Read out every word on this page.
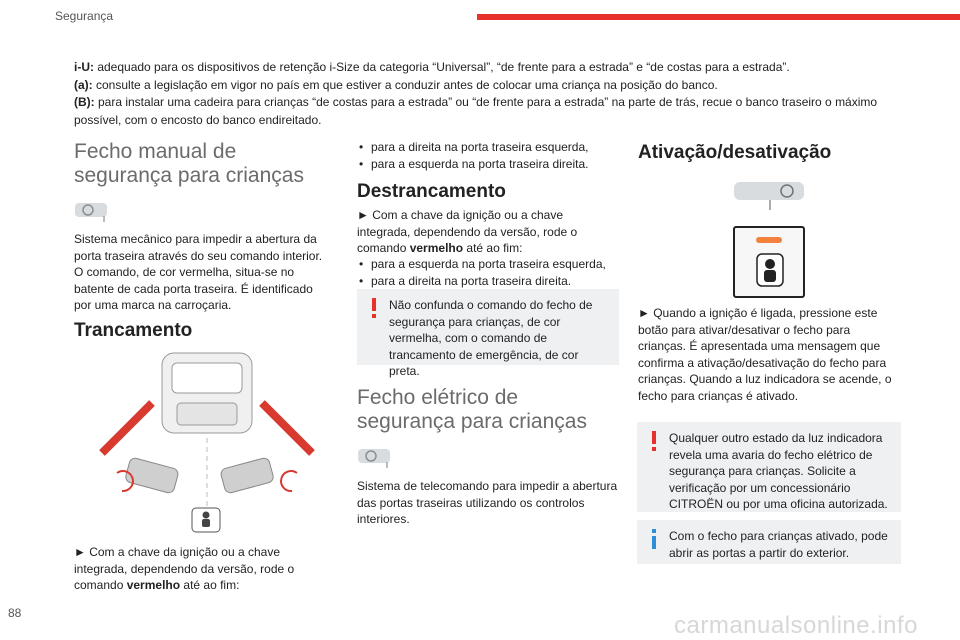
Segurança
i-U: adequado para os dispositivos de retenção i-Size da categoria “Universal”, “de frente para a estrada” e “de costas para a estrada”.
(a): consulte a legislação em vigor no país em que estiver a conduzir antes de colocar uma criança na posição do banco.
(B): para instalar uma cadeira para crianças “de costas para a estrada” ou “de frente para a estrada” na parte de trás, recue o banco traseiro o máximo possível, com o encosto do banco endireitado.
Fecho manual de segurança para crianças
Sistema mecânico para impedir a abertura da porta traseira através do seu comando interior. O comando, de cor vermelha, situa-se no batente de cada porta traseira. É identificado por uma marca na carroçaria.
Trancamento
► Com a chave da ignição ou a chave integrada, dependendo da versão, rode o comando vermelho até ao fim:
• para a direita na porta traseira esquerda,
• para a esquerda na porta traseira direita.
Destrancamento
► Com a chave da ignição ou a chave integrada, dependendo da versão, rode o comando vermelho até ao fim:
• para a esquerda na porta traseira esquerda,
• para a direita na porta traseira direita.
Não confunda o comando do fecho de segurança para crianças, de cor vermelha, com o comando de trancamento de emergência, de cor preta.
Fecho elétrico de segurança para crianças
Sistema de telecomando para impedir a abertura das portas traseiras utilizando os controlos interiores.
Ativação/desativação
► Quando a ignição é ligada, pressione este botão para ativar/desativar o fecho para crianças. É apresentada uma mensagem que confirma a ativação/desativação do fecho para crianças. Quando a luz indicadora se acende, o fecho para crianças é ativado.
Qualquer outro estado da luz indicadora revela uma avaria do fecho elétrico de segurança para crianças. Solicite a verificação por um concessionário CITROËN ou por uma oficina autorizada.
Com o fecho para crianças ativado, pode abrir as portas a partir do exterior.
88	carmanualsonline.info
